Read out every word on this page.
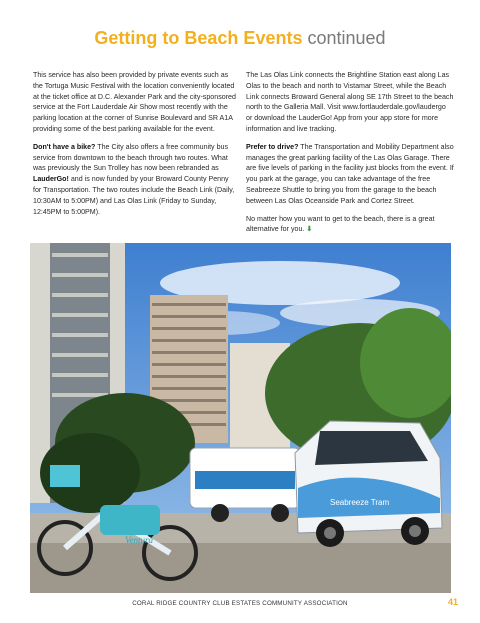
Getting to Beach Events continued

This service has also been provided by private events such as the Tortuga Music Festival with the location conveniently located at the ticket office at D.C. Alexander Park and the city-sponsored service at the Fort Lauderdale Air Show most recently with the parking location at the corner of Sunrise Boulevard and SR A1A providing some of the best parking available for the event.

Don't have a bike? The City also offers a free community bus service from downtown to the beach through two routes. What was previously the Sun Trolley has now been rebranded as LauderGo! and is now funded by your Broward County Penny for Transportation. The two routes include the Beach Link (Daily, 10:30AM to 5:00PM) and Las Olas Link (Friday to Sunday, 12:45PM to 5:00PM).

The Las Olas Link connects the Brightline Station east along Las Olas to the beach and north to Vistamar Street, while the Beach Link connects Broward General along SE 17th Street to the beach north to the Galleria Mall. Visit www.fortlauderdale.gov/laudergo or download the LauderGo! App from your app store for more information and live tracking.

Prefer to drive? The Transportation and Mobility Department also manages the great parking facility of the Las Olas Garage. There are five levels of parking in the facility just blocks from the event. If you park at the garage, you can take advantage of the free Seabreeze Shuttle to bring you from the garage to the beach between Las Olas Oceanside Park and Cortez Street.

No matter how you want to get to the beach, there is a great alternative for you. ⬇

Seabreeze Tram
Ventura
CORAL RIDGE COUNTRY CLUB ESTATES COMMUNITY ASSOCIATION	41
